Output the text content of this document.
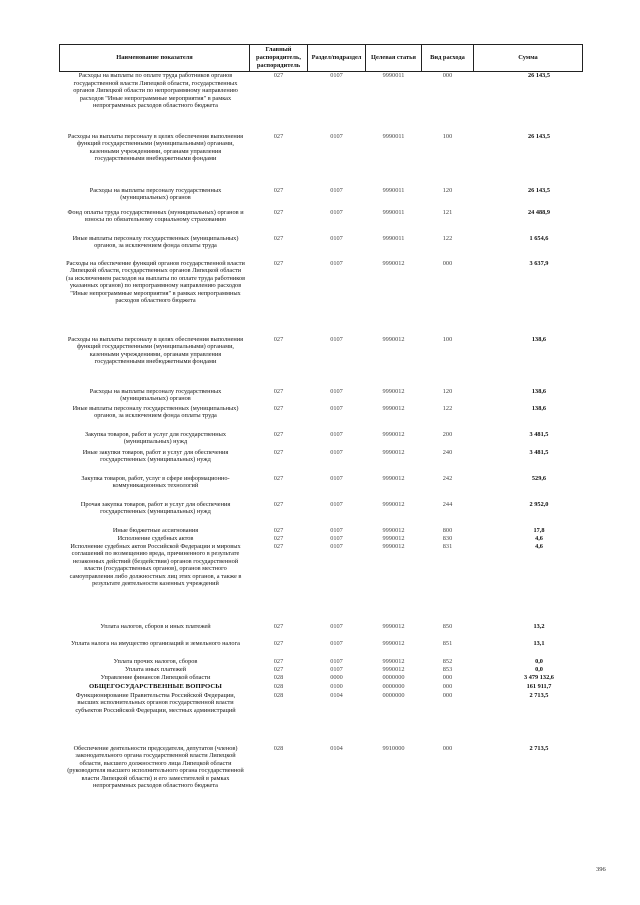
Наименование показателя	Главный распорядитель, распорядитель	Раздел/подраздел	Целевая статья	Вид расхода	Сумма
Расходы на выплаты по оплате труда работников органов государственной власти Липецкой области, государственных органов Липецкой области по непрограммному направлению расходов "Иные непрограммные мероприятия" в рамках непрограммных расходов областного бюджета	027	0107	9990011	000	26 143,5
Расходы на выплаты персоналу в целях обеспечения выполнения функций государственными (муниципальными) органами, казенными учреждениями, органами управления государственными внебюджетными фондами	027	0107	9990011	100	26 143,5
Расходы на выплаты персоналу государственных (муниципальных) органов	027	0107	9990011	120	26 143,5
Фонд оплаты труда государственных (муниципальных) органов и взносы по обязательному социальному страхованию	027	0107	9990011	121	24 488,9
Иные выплаты персоналу государственных (муниципальных) органов, за исключением фонда оплаты труда	027	0107	9990011	122	1 654,6
Расходы на обеспечение функций органов государственной власти Липецкой области, государственных органов Липецкой области (за исключением расходов на выплаты по оплате труда работников указанных органов) по непрограммному направлению расходов "Иные непрограммные мероприятия" в рамках непрограммных расходов областного бюджета	027	0107	9990012	000	3 637,9
Расходы на выплаты персоналу в целях обеспечения выполнения функций государственными (муниципальными) органами, казенными учреждениями, органами управления государственными внебюджетными фондами	027	0107	9990012	100	138,6
Расходы на выплаты персоналу государственных (муниципальных) органов	027	0107	9990012	120	138,6
Иные выплаты персоналу государственных (муниципальных) органов, за исключением фонда оплаты труда	027	0107	9990012	122	138,6
Закупка товаров, работ и услуг для государственных (муниципальных) нужд	027	0107	9990012	200	3 481,5
Иные закупки товаров, работ и услуг для обеспечения государственных (муниципальных) нужд	027	0107	9990012	240	3 481,5
Закупка товаров, работ, услуг в сфере информационно-коммуникационных технологий	027	0107	9990012	242	529,6
Прочая закупка товаров, работ и услуг для обеспечения государственных (муниципальных) нужд	027	0107	9990012	244	2 952,0
Иные бюджетные ассигнования	027	0107	9990012	800	17,8
Исполнение судебных актов	027	0107	9990012	830	4,6
Исполнение судебных актов Российской Федерации и мировых соглашений по возмещению вреда, причиненного в результате незаконных действий (бездействия) органов государственной власти (государственных органов), органов местного самоуправления либо должностных лиц этих органов, а также в результате деятельности казенных учреждений	027	0107	9990012	831	4,6
Уплата налогов, сборов и иных платежей	027	0107	9990012	850	13,2
Уплата налога на имущество организаций и земельного налога	027	0107	9990012	851	13,1
Уплата прочих налогов, сборов	027	0107	9990012	852	0,0
Уплата иных платежей	027	0107	9990012	853	0,0
Управление финансов Липецкой области	028	0000	0000000	000	3 479 132,6
ОБЩЕГОСУДАРСТВЕННЫЕ ВОПРОСЫ	028	0100	0000000	000	161 911,7
Функционирование Правительства Российской Федерации, высших исполнительных органов государственной власти субъектов Российской Федерации, местных администраций	028	0104	0000000	000	2 713,5
Обеспечение деятельности председателя, депутатов (членов) законодательного органа государственной власти Липецкой области, высшего должностного лица Липецкой области (руководителя высшего исполнительного органа государственной власти Липецкой области) и его заместителей в рамках непрограммных расходов областного бюджета	028	0104	9910000	000	2 713,5
396
